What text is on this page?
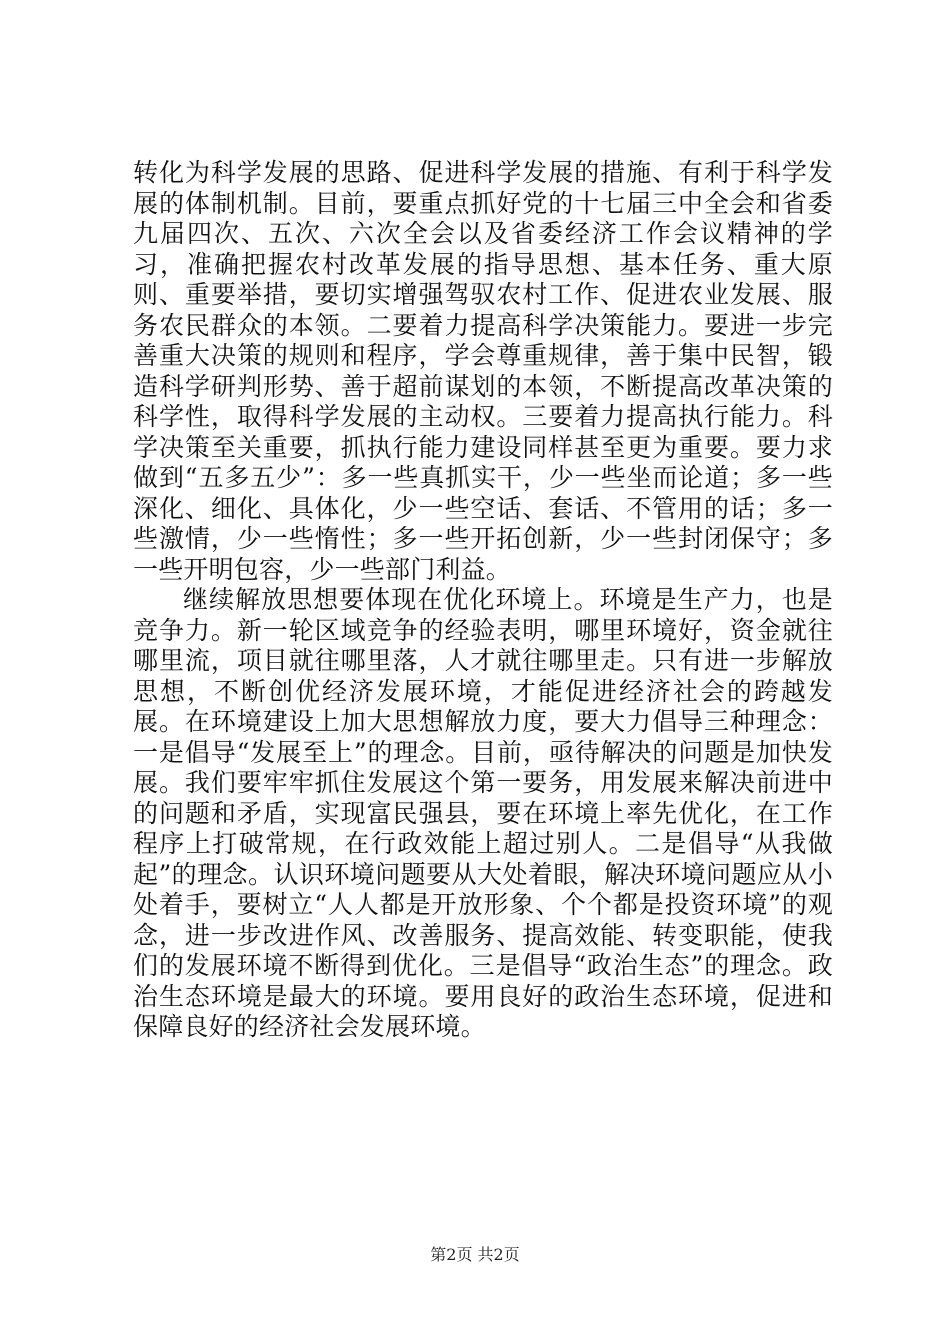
转化为科学发展的思路、促进科学发展的措施、有利于科学发展的体制机制。目前，要重点抓好党的十七届三中全会和省委九届四次、五次、六次全会以及省委经济工作会议精神的学习，准确把握农村改革发展的指导思想、基本任务、重大原则、重要举措，要切实增强驾驭农村工作、促进农业发展、服务农民群众的本领。二要着力提高科学决策能力。要进一步完善重大决策的规则和程序，学会尊重规律，善于集中民智，锻造科学研判形势、善于超前谋划的本领，不断提高改革决策的科学性，取得科学发展的主动权。三要着力提高执行能力。科学决策至关重要，抓执行能力建设同样甚至更为重要。要力求做到“五多五少”：多一些真抓实干，少一些坐而论道；多一些深化、细化、具体化，少一些空话、套话、不管用的话；多一些激情，少一些惰性；多一些开拓创新，少一些封闭保守；多一些开明包容，少一些部门利益。

继续解放思想要体现在优化环境上。环境是生产力，也是竞争力。新一轮区域竞争的经验表明，哪里环境好，资金就往哪里流，项目就往哪里落，人才就往哪里走。只有进一步解放思想，不断创优经济发展环境，才能促进经济社会的跨越发展。在环境建设上加大思想解放力度，要大力倡导三种理念：一是倡导“发展至上”的理念。目前，亟待解决的问题是加快发展。我们要牢牢抓住发展这个第一要务，用发展来解决前进中的问题和矛盾，实现富民强县，要在环境上率先优化，在工作程序上打破常规，在行政效能上超过别人。二是倡导“从我做起”的理念。认识环境问题要从大处着眼，解决环境问题应从小处着手，要树立“人人都是开放形象、个个都是投资环境”的观念，进一步改进作风、改善服务、提高效能、转变职能，使我们的发展环境不断得到优化。三是倡导“政治生态”的理念。政治生态环境是最大的环境。要用良好的政治生态环境，促进和保障良好的经济社会发展环境。

第2页 共2页
